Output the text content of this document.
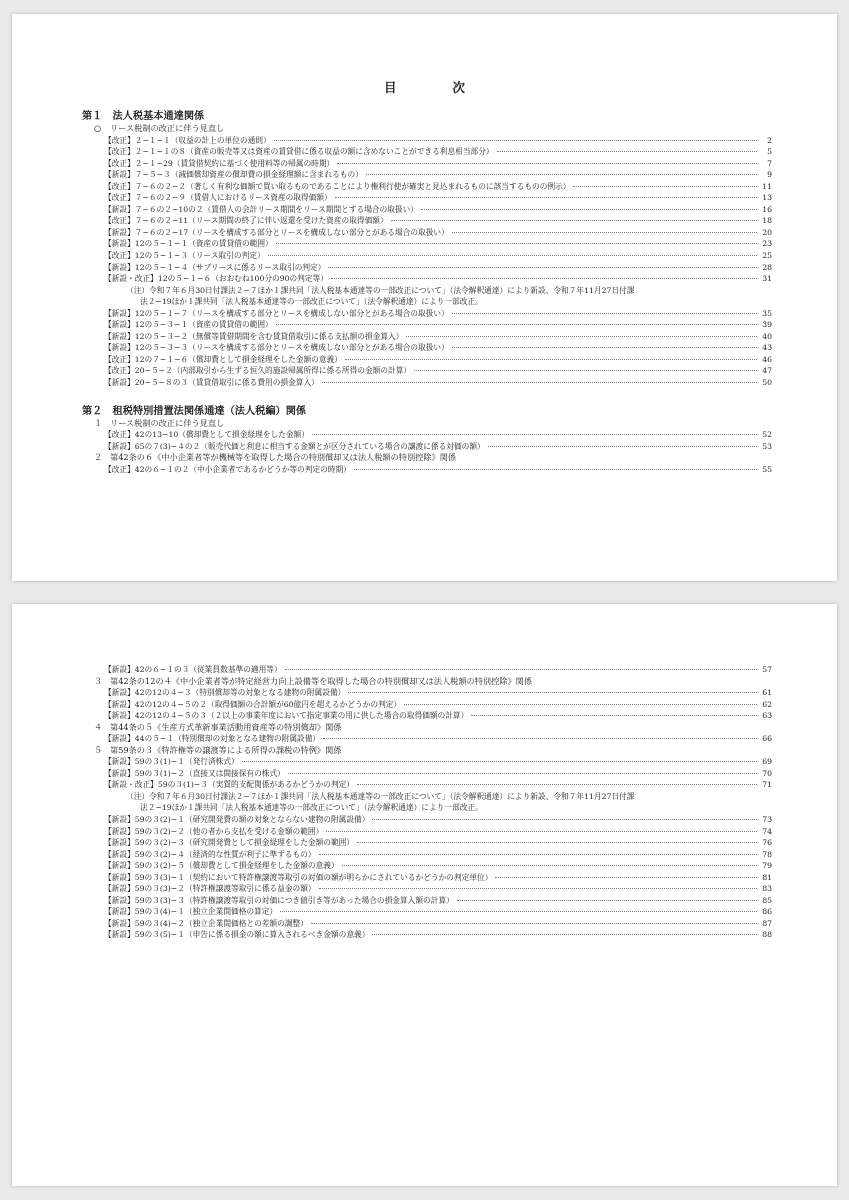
目	次
第１　法人税基本通達関係
○ リース税制の改正に伴う見直し
【改正】２−１−１（収益の計上の単位の通則）	2
【改正】２−１−１の８（資産の販売等又は資産の賃貸借に係る収益の額に含めないことができる利息相当部分）	5
【改正】２−１−29（賃貸借契約に基づく使用料等の帰属の時期）	7
【新設】７−５−３（減価償却資産の償却費の損金経理額に含まれるもの）	9
【改正】７−６の２−２（著しく有利な価額で買い取るものであることにより権利行使が確実と見込まれるものに該当するものの例示）	11
【改正】７−６の２−９（賃借人におけるリース資産の取得価額）	13
【新設】７−６の２−10の２（賃借人の会計リース期間をリース期間とする場合の取扱い）	16
【改正】７−６の２−11（リース期間の終了に伴い返還を受けた資産の取得価額）	18
【新設】７−６の２−17（リースを構成する部分とリースを構成しない部分とがある場合の取扱い）	20
【新設】12の５−１−１（資産の賃貸借の範囲）	23
【改正】12の５−１−３（リース取引の判定）	25
【新設】12の５−１−４（サブリースに係るリース取引の判定）	28
【新設・改正】12の５−１−６（おおむね100分の90の判定等）	31
（注）令和７年６月30日付課法２−７ほか１課共同「法人税基本通達等の一部改正について」（法令解釈通達）により新設、令和７年11月27日付課
法２−19ほか１課共同「法人税基本通達等の一部改正について」（法令解釈通達）により一部改正。
【新設】12の５−１−７（リースを構成する部分とリースを構成しない部分とがある場合の取扱い）	35
【新設】12の５−３−１（資産の賃貸借の範囲）	39
【新設】12の５−３−２（無償等賃借期間を含む賃貸借取引に係る支払額の損金算入）	40
【新設】12の５−３−３（リースを構成する部分とリースを構成しない部分とがある場合の取扱い）	43
【改正】12の７−１−６（償却費として損金経理をした金額の意義）	46
【改正】20−５−２（内部取引から生ずる恒久的施設帰属所得に係る所得の金額の計算）	47
【新設】20−５−８の３（賃貸借取引に係る費用の損金算入）	50
第２　租税特別措置法関係通達（法人税編）関係
１ リース税制の改正に伴う見直し
【改正】42の13−10（償却費として損金経理をした金額）	52
【新設】65の７(3)−４の２（販売代価と利息に相当する金額とが区分されている場合の譲渡に係る対価の額）	53
２ 第42条の６《中小企業者等が機械等を取得した場合の特別償却又は法人税額の特別控除》関係
【改正】42の６−１の２（中小企業者であるかどうか等の判定の時期）	55
【新設】42の６−１の３（従業員数基準の適用等）	57
３ 第42条の12の４《中小企業者等が特定経営力向上設備等を取得した場合の特別償却又は法人税額の特別控除》関係
【新設】42の12の４−３（特別償却等の対象となる建物の附属設備）	61
【新設】42の12の４−５の２（取得価額の合計額が60億円を超えるかどうかの判定）	62
【新設】42の12の４−５の３（２以上の事業年度において指定事業の用に供した場合の取得価額の計算）	63
４ 第44条の５《生産方式革新事業活動用資産等の特別償却》関係
【新設】44の５−１（特別償却の対象となる建物の附属設備）	66
５ 第59条の３《特許権等の譲渡等による所得の課税の特例》関係
【新設】59の３(1)−１（発行済株式）	69
【新設】59の３(1)−２（直接又は間接保有の株式）	70
【新設・改正】59の３(1)−３（実質的支配関係があるかどうかの判定）	71
（注）令和７年６月30日付課法２−７ほか１課共同「法人税基本通達等の一部改正について」（法令解釈通達）により新設、令和７年11月27日付課
法２−19ほか１課共同「法人税基本通達等の一部改正について」（法令解釈通達）により一部改正。
【新設】59の３(2)−１（研究開発費の額の対象とならない建物の附属設備）	73
【新設】59の３(2)−２（他の者から支払を受ける金額の範囲）	74
【新設】59の３(2)−３（研究開発費として損金経理をした金額の範囲）	76
【新設】59の３(2)−４（経済的な性質が利子に準ずるもの）	78
【新設】59の３(2)−５（償却費として損金経理をした金額の意義）	79
【新設】59の３(3)−１（契約において特許権譲渡等取引の対価の額が明らかにされているかどうかの判定単位）	81
【新設】59の３(3)−２（特許権譲渡等取引に係る益金の額）	83
【新設】59の３(3)−３（特許権譲渡等取引の対価につき値引き等があった場合の損金算入額の計算）	85
【新設】59の３(4)−１（独立企業間価格の算定）	86
【新設】59の３(4)−２（独立企業間価格との差額の調整）	87
【新設】59の３(5)−１（申告に係る損金の額に算入されるべき金額の意義）	88
